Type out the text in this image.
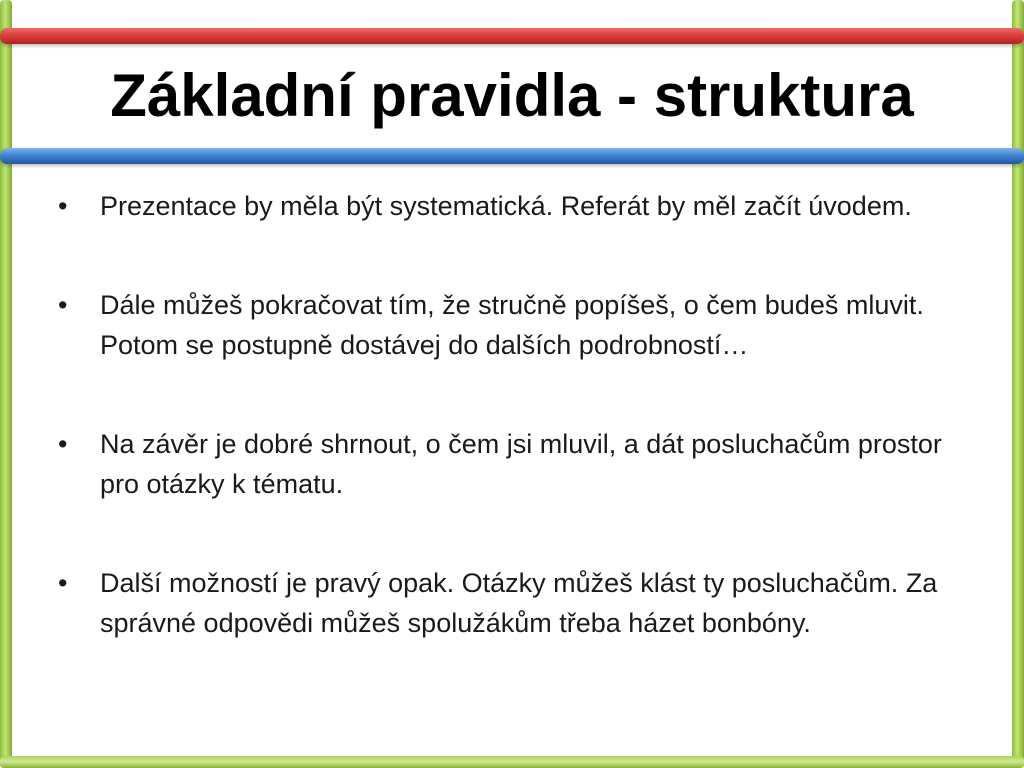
Základní pravidla - struktura
• Prezentace by měla být systematická. Referát by měl začít úvodem.
• Dále můžeš pokračovat tím, že stručně popíšeš, o čem budeš mluvit. Potom se postupně dostávej do dalších podrobností…
• Na závěr je dobré shrnout, o čem jsi mluvil, a dát posluchačům prostor pro otázky k tématu.
• Další možností je pravý opak. Otázky můžeš klást ty posluchačům. Za správné odpovědi můžeš spolužákům třeba házet bonbóny.
